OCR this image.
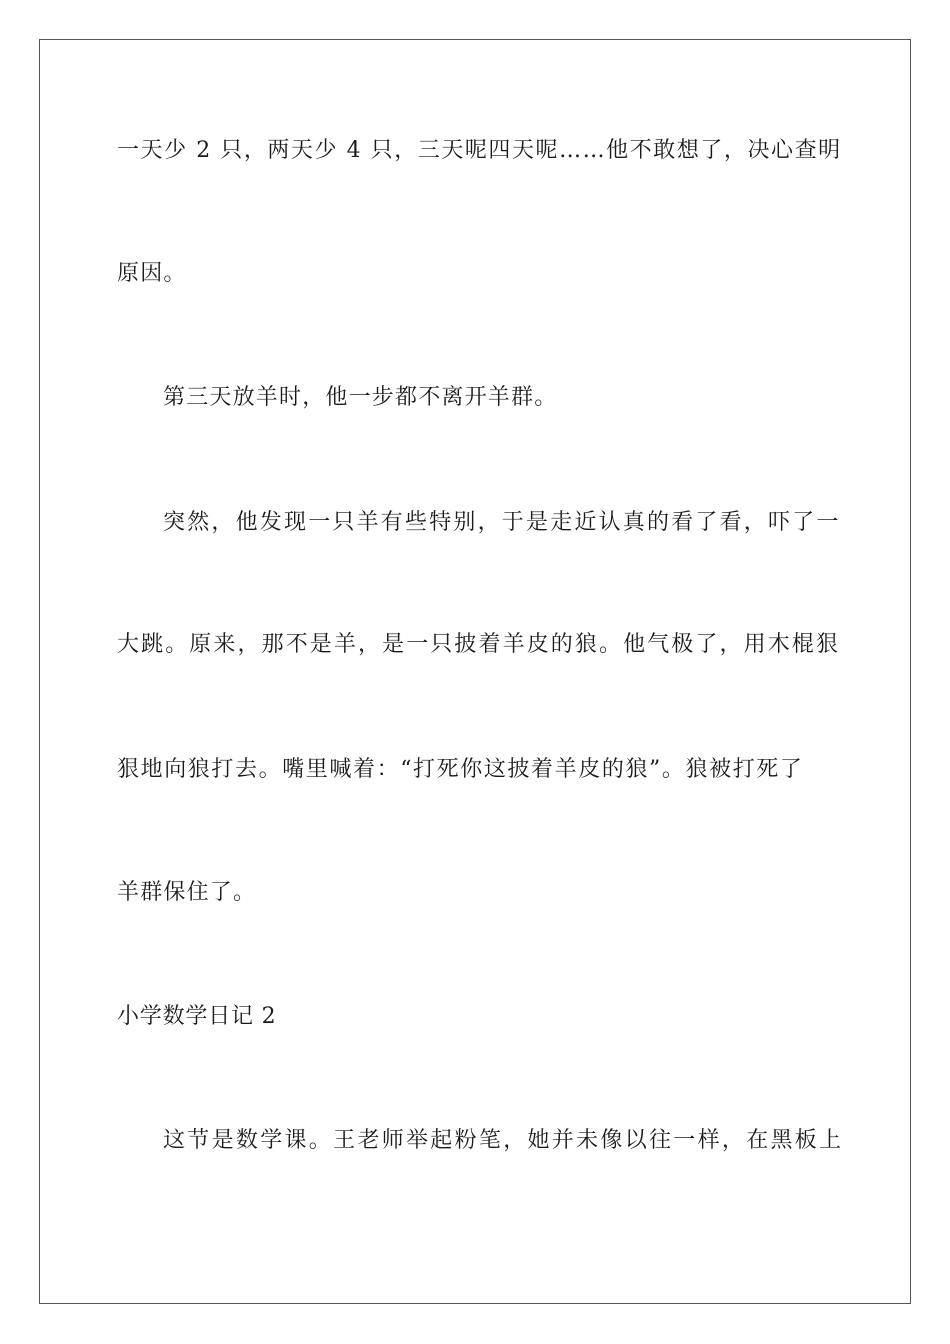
一天少 2 只，两天少 4 只，三天呢四天呢……他不敢想了，决心查明
原因。
第三天放羊时，他一步都不离开羊群。
突然，他发现一只羊有些特别，于是走近认真的看了看，吓了一
大跳。原来，那不是羊，是一只披着羊皮的狼。他气极了，用木棍狠
狠地向狼打去。嘴里喊着：“打死你这披着羊皮的狼”。狼被打死了
羊群保住了。
小学数学日记 2
这节是数学课。王老师举起粉笔，她并未像以往一样，在黑板上
